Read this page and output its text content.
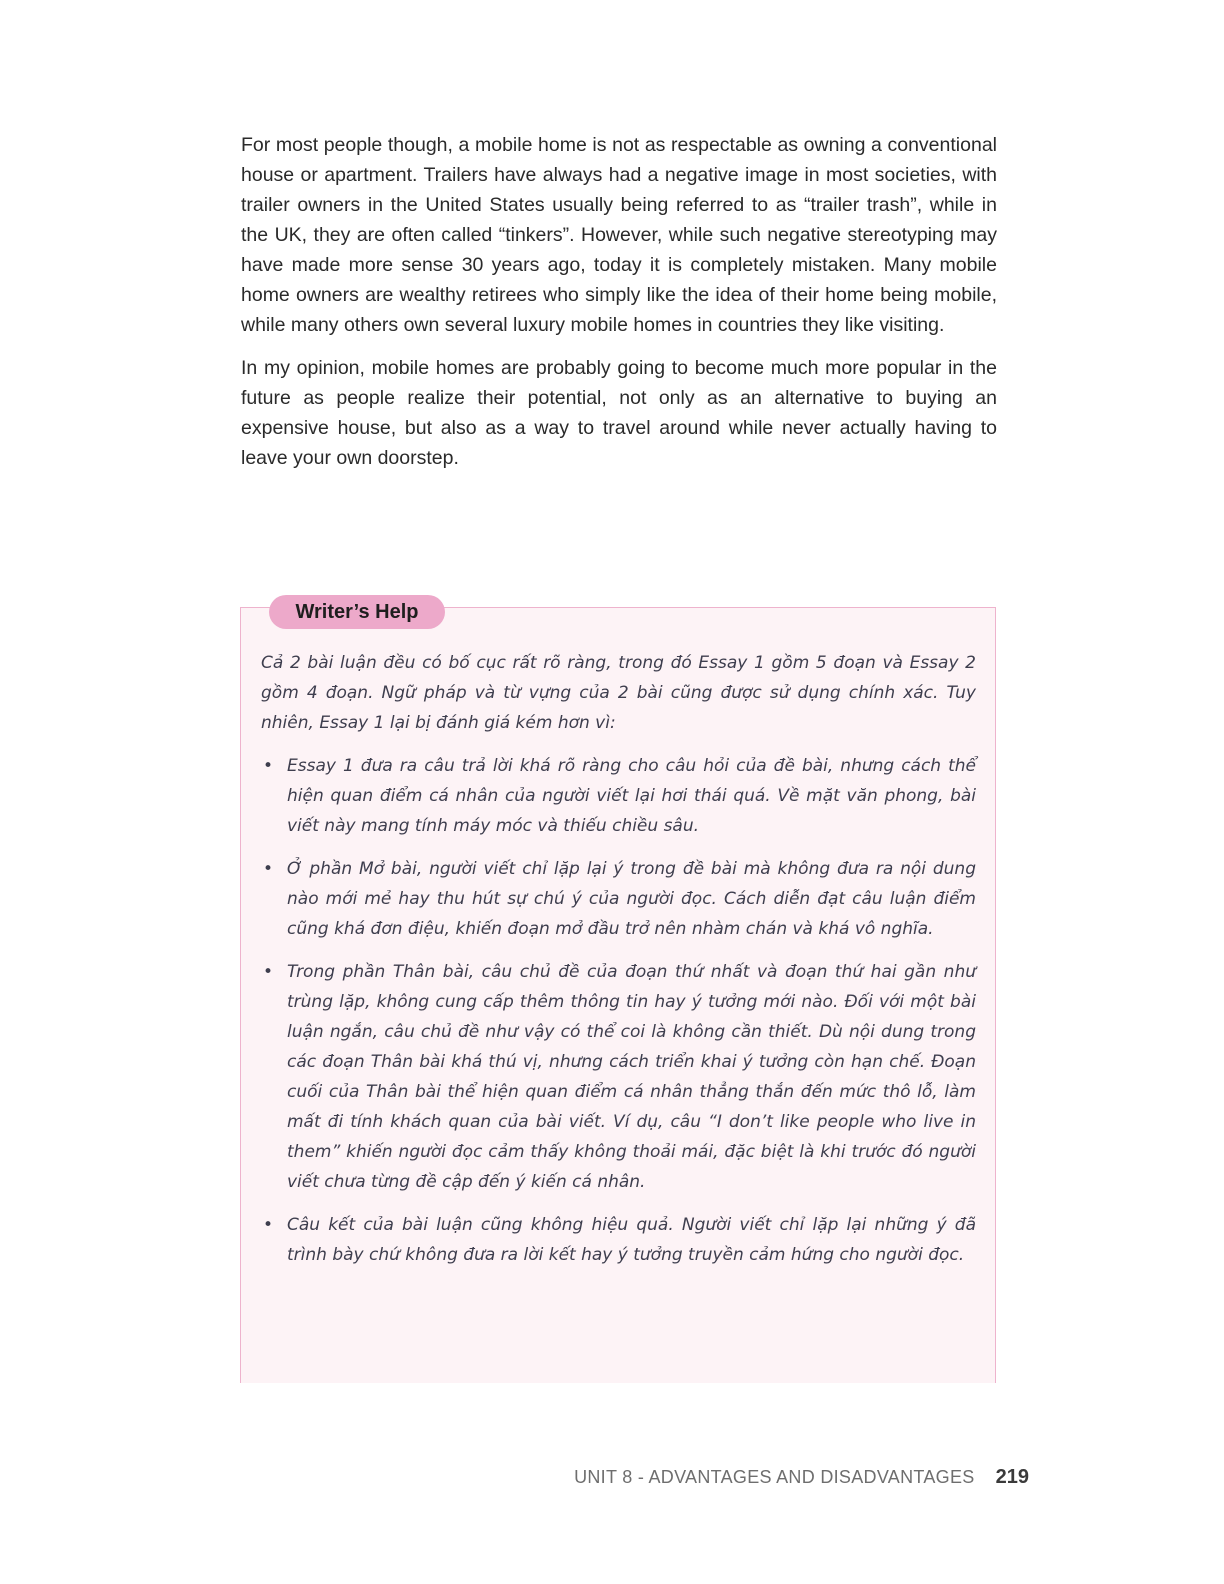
For most people though, a mobile home is not as respectable as owning a conventional house or apartment. Trailers have always had a negative image in most societies, with trailer owners in the United States usually being referred to as “trailer trash”, while in the UK, they are often called “tinkers”. However, while such negative stereotyping may have made more sense 30 years ago, today it is completely mistaken. Many mobile home owners are wealthy retirees who simply like the idea of their home being mobile, while many others own several luxury mobile homes in countries they like visiting.

In my opinion, mobile homes are probably going to become much more popular in the future as people realize their potential, not only as an alternative to buying an expensive house, but also as a way to travel around while never actually having to leave your own doorstep.

Writer’s Help

Cả 2 bài luận đều có bố cục rất rõ ràng, trong đó Essay 1 gồm 5 đoạn và Essay 2 gồm 4 đoạn. Ngữ pháp và từ vựng của 2 bài cũng được sử dụng chính xác. Tuy nhiên, Essay 1 lại bị đánh giá kém hơn vì:

• Essay 1 đưa ra câu trả lời khá rõ ràng cho câu hỏi của đề bài, nhưng cách thể hiện quan điểm cá nhân của người viết lại hơi thái quá. Về mặt văn phong, bài viết này mang tính máy móc và thiếu chiều sâu.
• Ở phần Mở bài, người viết chỉ lặp lại ý trong đề bài mà không đưa ra nội dung nào mới mẻ hay thu hút sự chú ý của người đọc. Cách diễn đạt câu luận điểm cũng khá đơn điệu, khiến đoạn mở đầu trở nên nhàm chán và khá vô nghĩa.
• Trong phần Thân bài, câu chủ đề của đoạn thứ nhất và đoạn thứ hai gần như trùng lặp, không cung cấp thêm thông tin hay ý tưởng mới nào. Đối với một bài luận ngắn, câu chủ đề như vậy có thể coi là không cần thiết. Dù nội dung trong các đoạn Thân bài khá thú vị, nhưng cách triển khai ý tưởng còn hạn chế. Đoạn cuối của Thân bài thể hiện quan điểm cá nhân thẳng thắn đến mức thô lỗ, làm mất đi tính khách quan của bài viết. Ví dụ, câu “I don’t like people who live in them” khiến người đọc cảm thấy không thoải mái, đặc biệt là khi trước đó người viết chưa từng đề cập đến ý kiến cá nhân.
• Câu kết của bài luận cũng không hiệu quả. Người viết chỉ lặp lại những ý đã trình bày chứ không đưa ra lời kết hay ý tưởng truyền cảm hứng cho người đọc.
UNIT 8 - ADVANTAGES AND DISADVANTAGES 219
